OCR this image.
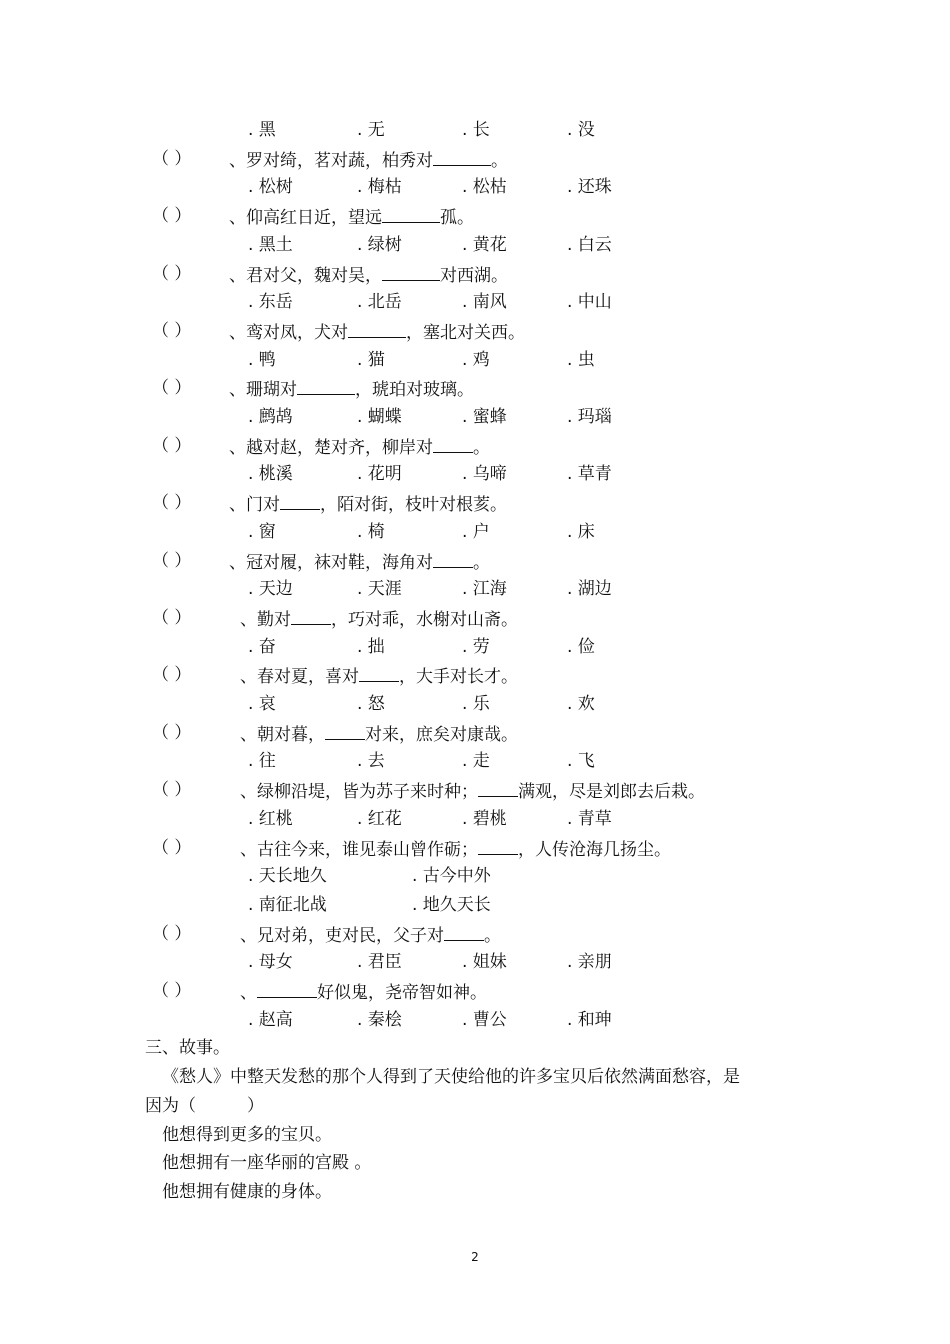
. 黑	. 无	. 长	. 没
（ ） 、罗对绮，茗对蔬，柏秀对	。
. 松树	. 梅枯	. 松枯	. 还珠
（ ） 、仰高红日近，望远	孤。
. 黑土	. 绿树	. 黄花	. 白云
（ ） 、君对父，魏对吴，	对西湖。
. 东岳	. 北岳	. 南风	. 中山
（ ） 、鸾对凤，犬对	，塞北对关西。
. 鸭	. 猫	. 鸡	. 虫
（ ） 、珊瑚对	，琥珀对玻璃。
. 鹧鸪	. 蝴蝶	. 蜜蜂	. 玛瑙
（ ） 、越对赵，楚对齐，柳岸对 。
. 桃溪	. 花明	. 乌啼	. 草青
（ ） 、门对 ，陌对街，枝叶对根荄。
. 窗	. 椅	. 户	. 床
（ ） 、冠对履，袜对鞋，海角对 。
. 天边	. 天涯	. 江海	. 湖边
（ ）	、勤对 ，巧对乖，水榭对山斋。
. 奋	. 拙	. 劳	. 俭
（ ）	、春对夏，喜对 ，大手对长才。
. 哀	. 怒	. 乐	. 欢
（ ）	、朝对暮， 对来，庶矣对康哉。
. 往	. 去	. 走	. 飞
（ ）	、绿柳沿堤，皆为苏子来时种； 满观，尽是刘郎去后栽。
. 红桃	. 红花	. 碧桃	. 青草
（ ）	、古往今来，谁见泰山曾作砺； ，人传沧海几扬尘。
. 天长地久	. 古今中外
. 南征北战	. 地久天长
（ ）	、兄对弟，吏对民，父子对 。
. 母女	. 君臣	. 姐妹	. 亲朋
（ ）	、	好似鬼，尧帝智如神。
. 赵高	. 秦桧	. 曹公	. 和珅
三、故事。
《愁人》中整天发愁的那个人得到了天使给他的许多宝贝后依然满面愁容，是
因为（　　　）
他想得到更多的宝贝。
他想拥有一座华丽的宫殿 。
他想拥有健康的身体。
2
